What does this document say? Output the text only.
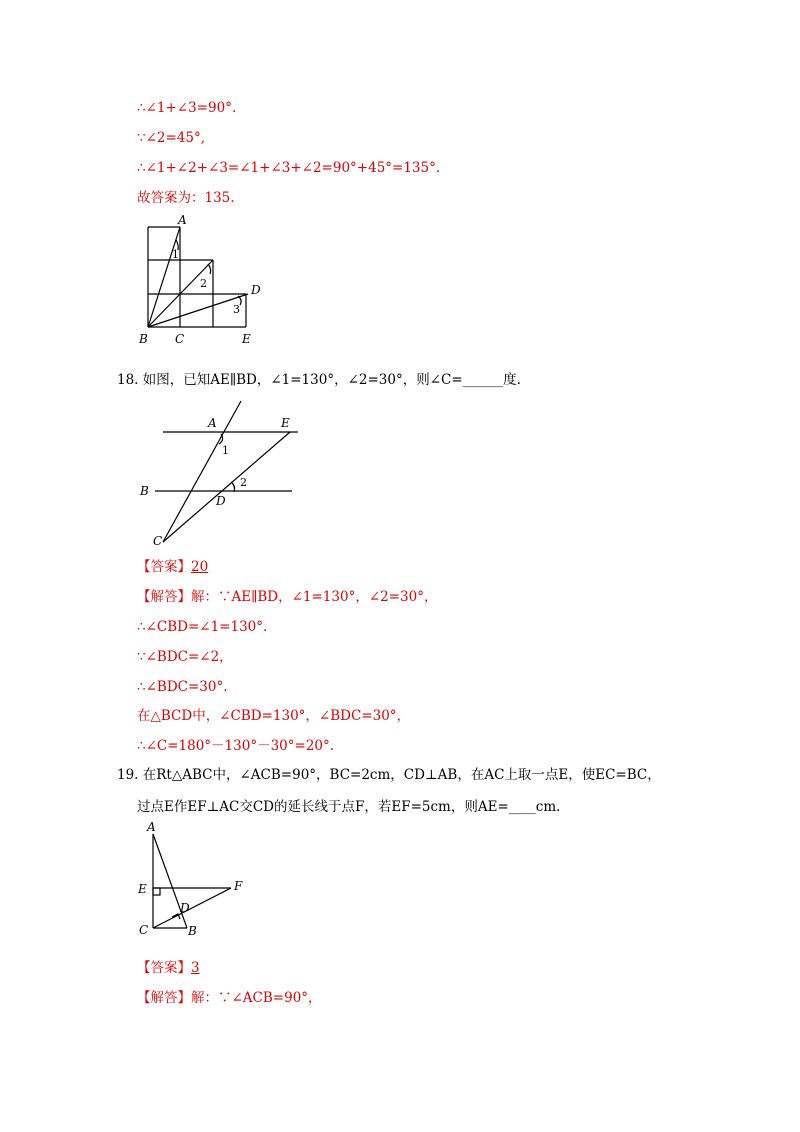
∴∠1+∠3=90°.
∵∠2=45°,
∴∠1+∠2+∠3=∠1+∠3+∠2=90°+45°=135°.
故答案为：135.
A
1
2	D
3
B C	E
18. 如图，已知AE∥BD，∠1=130°，∠2=30°，则∠C=______度.
A	E
1
B
2
D
C
【答案】20
【解答】解：∵AE∥BD，∠1=130°，∠2=30°，
∴∠CBD=∠1=130°.
∵∠BDC=∠2，
∴∠BDC=30°.
在△BCD中，∠CBD=130°，∠BDC=30°，
∴∠C=180°－130°－30°=20°.
19. 在Rt△ABC中，∠ACB=90°，BC=2cm，CD⊥AB，在AC上取一点E，使EC=BC，
过点E作EF⊥AC交CD的延长线于点F，若EF=5cm，则AE=____cm.
A
E	F
D
C	B
【答案】3
【解答】解：∵∠ACB=90°，
